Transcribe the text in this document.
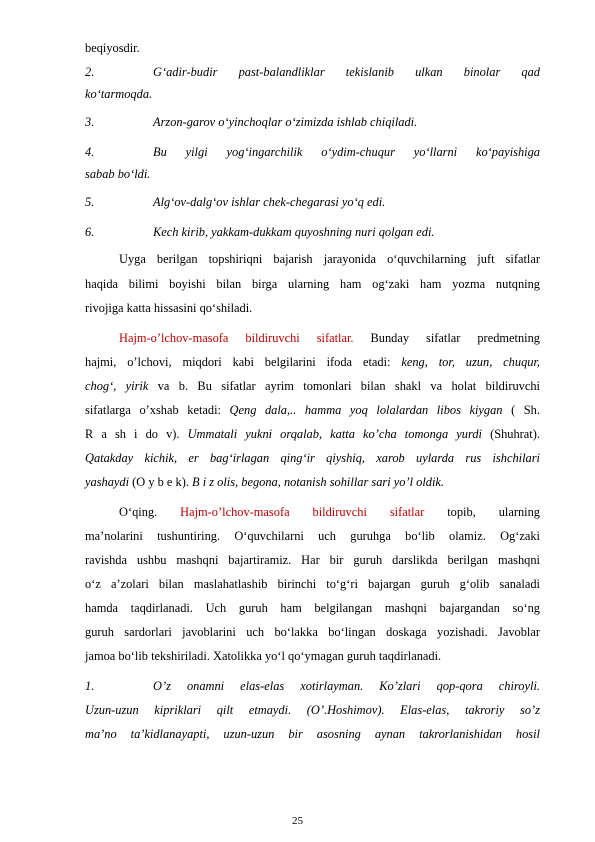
beqiyosdir.
2.	G‘adir-budir past-balandliklar tekislanib ulkan binolar qad
ko‘tarmoqda.
3.	Arzon-garov o‘yinchoqlar o‘zimizda ishlab chiqiladi.
4.	Bu yilgi yog‘ingarchilik o‘ydim-chuqur yo‘llarni ko‘payishiga
sabab bo‘ldi.
5.	Alg‘ov-dalg‘ov ishlar chek-chegarasi yo‘q edi.
6.	Kech kirib, yakkam-dukkam quyoshning nuri qolgan edi.
Uyga berilgan topshiriqni bajarish jarayonida o‘quvchilarning juft sifatlar
haqida bilimi boyishi bilan birga ularning ham og‘zaki ham yozma nutqning
rivojiga katta hissasini qo‘shiladi.
Hajm-o’lchov-masofa bildiruvchi sifatlar. Bunday sifatlar predmetning
hajmi, o’lchovi, miqdori kabi belgilarini ifoda etadi: keng, tor, uzun, chuqur,
chog‘, yirik va b. Bu sifatlar ayrim tomonlari bilan shakl va holat bildiruvchi
sifatlarga o’xshab ketadi: Qeng dala,.. hamma yoq lolalardan libos kiygan ( Sh.
R a sh i do v). Ummatali yukni orqalab, katta ko’cha tomonga yurdi (Shuhrat).
Qatakday kichik, er bag‘irlagan qing‘ir qiyshiq, xarob uylarda rus ishchilari
yashaydi (O y b e k). B i z olis, begona, notanish sohillar sari yo’l oldik.
O‘qing. Hajm-o’lchov-masofa bildiruvchi sifatlar topib, ularning
ma’nolarini tushuntiring. O‘quvchilarni uch guruhga bo‘lib olamiz. Og‘zaki
ravishda ushbu mashqni bajartiramiz. Har bir guruh darslikda berilgan mashqni
o‘z a’zolari bilan maslahatlashib birinchi to‘g‘ri bajargan guruh g‘olib sanaladi
hamda taqdirlanadi. Uch guruh ham belgilangan mashqni bajargandan so‘ng
guruh sardorlari javoblarini uch bo‘lakka bo‘lingan doskaga yozishadi. Javoblar
jamoa bo‘lib tekshiriladi. Xatolikka yo‘l qo‘ymagan guruh taqdirlanadi.
1.	O’z onamni elas-elas xotirlayman. Ko’zlari qop-qora chiroyli.
Uzun-uzun kipriklari qilt etmaydi. (O’.Hoshimov). Elas-elas, takroriy so’z
ma’no ta’kidlanayapti, uzun-uzun bir asosning aynan takrorlanishidan hosil
25
